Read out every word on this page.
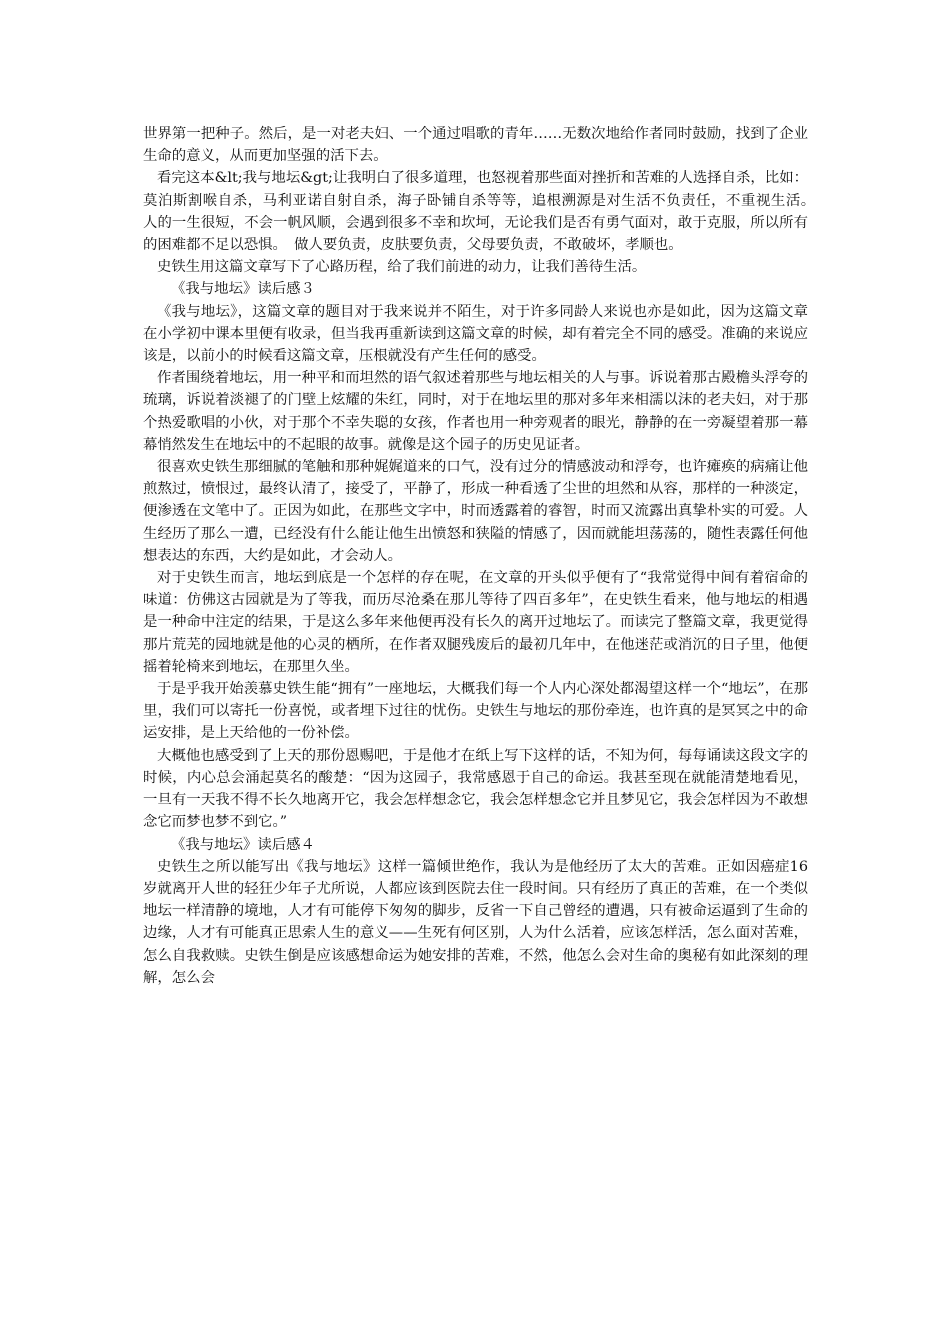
世界第一把种子。然后，是一对老夫妇、一个通过唱歌的青年……无数次地给作者同时鼓励，找到了企业生命的意义，从而更加坚强的活下去。

看完这本&lt;我与地坛&gt;让我明白了很多道理，也怒视着那些面对挫折和苦难的人选择自杀，比如：莫泊斯割喉自杀，马利亚诺自射自杀，海子卧铺自杀等等，追根溯源是对生活不负责任，不重视生活。　人的一生很短，不会一帆风顺，会遇到很多不幸和坎坷，无论我们是否有勇气面对，敢于克服，所以所有的困难都不足以恐惧。　做人要负责，皮肤要负责，父母要负责，不敢破坏，孝顺也。

史铁生用这篇文章写下了心路历程，给了我们前进的动力，让我们善待生活。

《我与地坛》读后感３

《我与地坛》，这篇文章的题目对于我来说并不陌生，对于许多同龄人来说也亦是如此，因为这篇文章在小学初中课本里便有收录，但当我再重新读到这篇文章的时候，却有着完全不同的感受。准确的来说应该是，以前小的时候看这篇文章，压根就没有产生任何的感受。

作者围绕着地坛，用一种平和而坦然的语气叙述着那些与地坛相关的人与事。诉说着那古殿檐头浮夸的琉璃，诉说着淡褪了的门壁上炫耀的朱红，同时，对于在地坛里的那对多年来相濡以沫的老夫妇，对于那个热爱歌唱的小伙，对于那个不幸失聪的女孩，作者也用一种旁观者的眼光，静静的在一旁凝望着那一幕幕悄然发生在地坛中的不起眼的故事。就像是这个园子的历史见证者。

很喜欢史铁生那细腻的笔触和那种娓娓道来的口气，没有过分的情感波动和浮夸，也许瘫痪的病痛让他煎熬过，愤恨过，最终认清了，接受了，平静了，形成一种看透了尘世的坦然和从容，那样的一种淡定，便渗透在文笔中了。正因为如此，在那些文字中，时而透露着的睿智，时而又流露出真挚朴实的可爱。人生经历了那么一遭，已经没有什么能让他生出愤怒和狭隘的情感了，因而就能坦荡荡的，随性表露任何他想表达的东西，大约是如此，才会动人。

对于史铁生而言，地坛到底是一个怎样的存在呢，在文章的开头似乎便有了“我常觉得中间有着宿命的味道：仿佛这古园就是为了等我，而历尽沧桑在那儿等待了四百多年”，在史铁生看来，他与地坛的相遇是一种命中注定的结果，于是这么多年来他便再没有长久的离开过地坛了。而读完了整篇文章，我更觉得那片荒芜的园地就是他的心灵的栖所，在作者双腿残废后的最初几年中，在他迷茫或消沉的日子里，他便摇着轮椅来到地坛，在那里久坐。

于是乎我开始羡慕史铁生能“拥有”一座地坛，大概我们每一个人内心深处都渴望这样一个“地坛”，在那里，我们可以寄托一份喜悦，或者埋下过往的忧伤。史铁生与地坛的那份牵连，也许真的是冥冥之中的命运安排，是上天给他的一份补偿。

大概他也感受到了上天的那份恩赐吧，于是他才在纸上写下这样的话，不知为何，每每诵读这段文字的时候，内心总会涌起莫名的酸楚：“因为这园子，我常感恩于自己的命运。我甚至现在就能清楚地看见，一旦有一天我不得不长久地离开它，我会怎样想念它，我会怎样想念它并且梦见它，我会怎样因为不敢想念它而梦也梦不到它。”

《我与地坛》读后感４

史铁生之所以能写出《我与地坛》这样一篇倾世绝作，我认为是他经历了太大的苦难。正如因癌症16岁就离开人世的轻狂少年子尤所说，人都应该到医院去住一段时间。只有经历了真正的苦难，在一个类似地坛一样清静的境地，人才有可能停下匆匆的脚步，反省一下自己曾经的遭遇，只有被命运逼到了生命的边缘，人才有可能真正思索人生的意义——生死有何区别，人为什么活着，应该怎样活，怎么面对苦难，怎么自我救赎。史铁生倒是应该感想命运为她安排的苦难，不然，他怎么会对生命的奥秘有如此深刻的理解，怎么会
